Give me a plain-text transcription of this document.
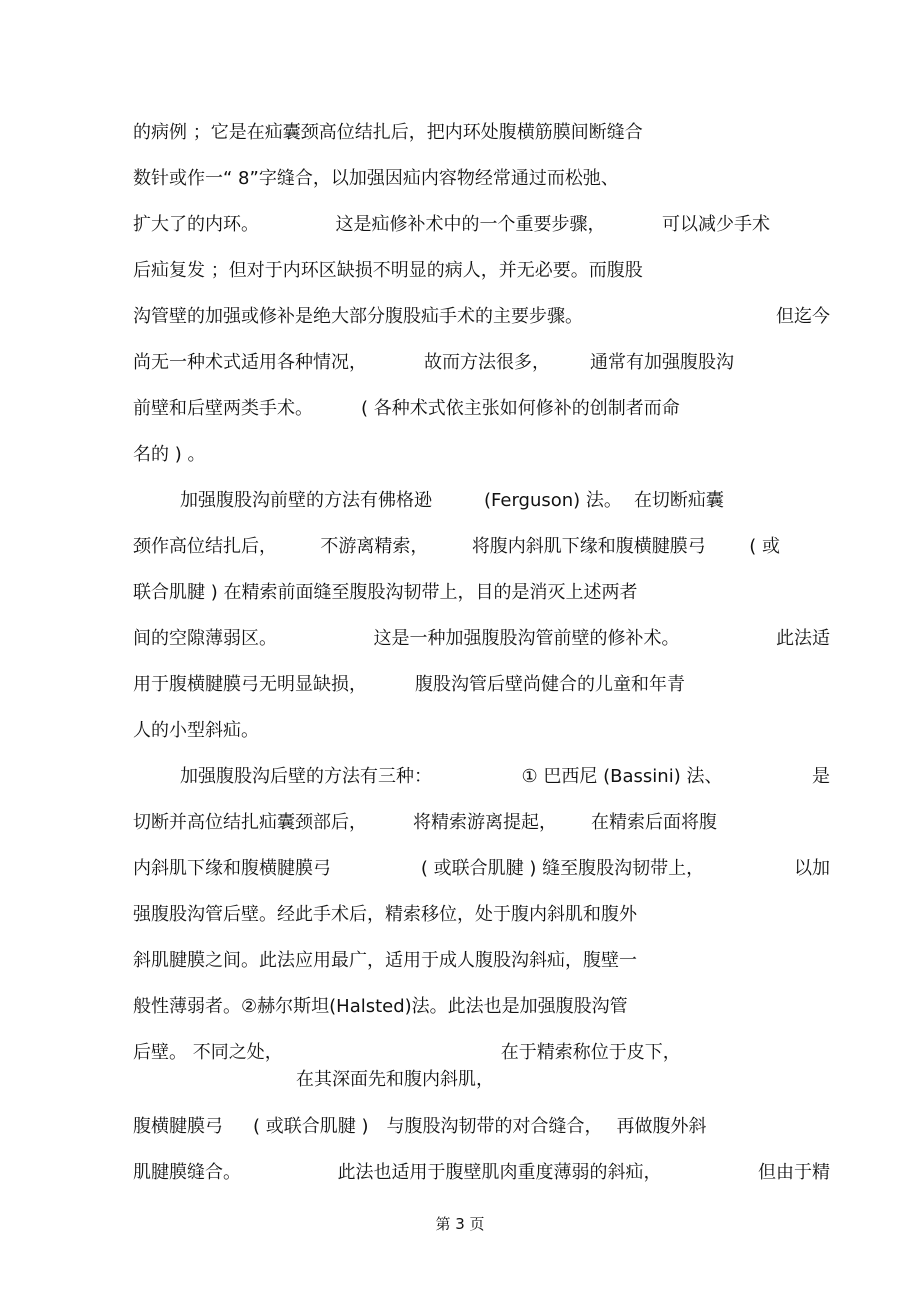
的病例 ；它是在疝囊颈高位结扎后，把内环处腹横筋膜间断缝合
数针或作一“ 8”字缝合，以加强因疝内容物经常通过而松弛、
扩大了的内环。	这是疝修补术中的一个重要步骤，	可以减少手术
后疝复发 ；但对于内环区缺损不明显的病人，并无必要。而腹股
沟管壁的加强或修补是绝大部分腹股疝手术的主要步骤。	但迄今
尚无一种术式适用各种情况，	故而方法很多， 通常有加强腹股沟
前壁和后壁两类手术。	( 各种术式依主张如何修补的创制者而命
名的 ) 。
加强腹股沟前壁的方法有佛格逊	(Ferguson) 法。 在切断疝囊
颈作高位结扎后， 不游离精索， 将腹内斜肌下缘和腹横腱膜弓 ( 或
联合肌腱 ) 在精索前面缝至腹股沟韧带上，目的是消灭上述两者
间的空隙薄弱区。	这是一种加强腹股沟管前壁的修补术。	此法适
用于腹横腱膜弓无明显缺损，	腹股沟管后壁尚健合的儿童和年青
人的小型斜疝。
加强腹股沟后壁的方法有三种：	① 巴西尼 (Bassini) 法、	是
切断并高位结扎疝囊颈部后，	将精索游离提起， 在精索后面将腹
内斜肌下缘和腹横腱膜弓	( 或联合肌腱 ) 缝至腹股沟韧带上，	以加
强腹股沟管后壁。经此手术后，精索移位，处于腹内斜肌和腹外
斜肌腱膜之间。此法应用最广，适用于成人腹股沟斜疝，腹壁一
般性薄弱者。②赫尔斯坦(Halsted)法。此法也是加强腹股沟管
后壁。 不同之处，	在于精索称位于皮下，
在其深面先和腹内斜肌，
腹横腱膜弓 ( 或联合肌腱 ) 与腹股沟韧带的对合缝合， 再做腹外斜
肌腱膜缝合。	此法也适用于腹壁肌肉重度薄弱的斜疝，	但由于精
第 3 页
